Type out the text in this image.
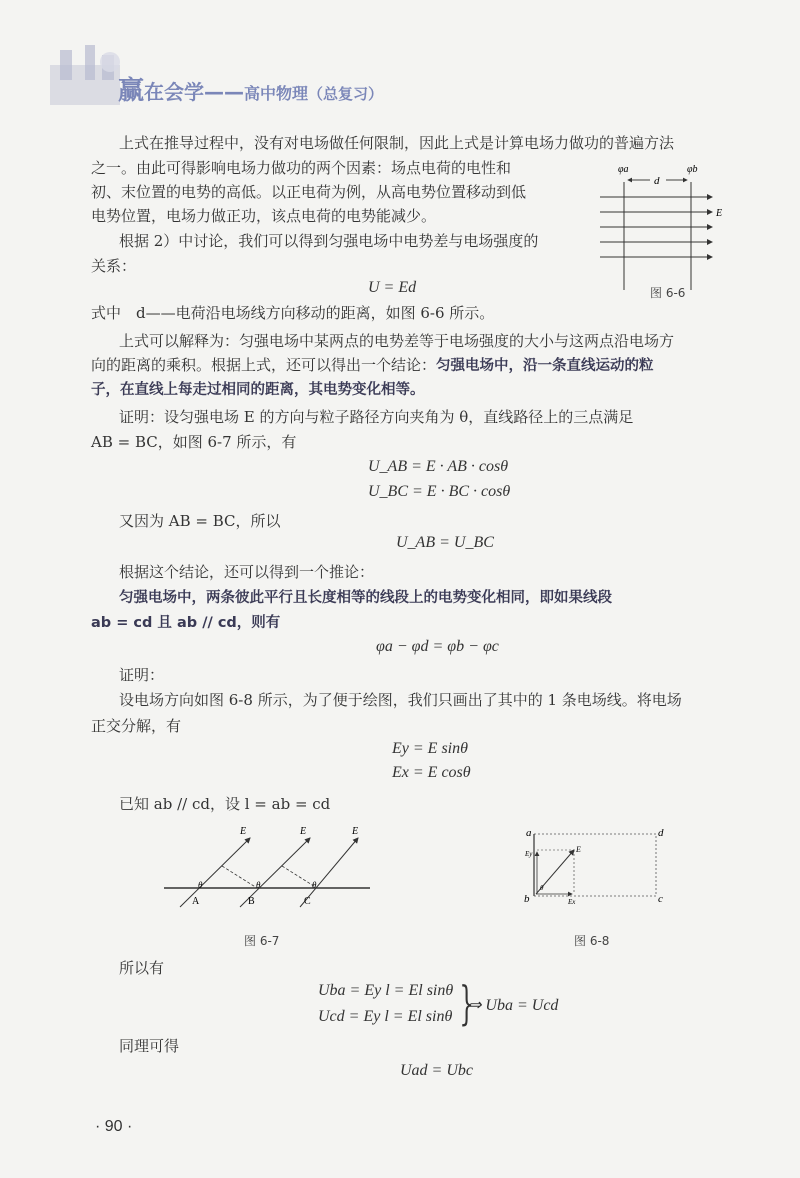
赢在会学——高中物理（总复习）
上式在推导过程中，没有对电场做任何限制，因此上式是计算电场力做功的普遍方法
之一。由此可得影响电场力做功的两个因素：场点电荷的电性和
初、末位置的电势的高低。以正电荷为例，从高电势位置移动到低
电势位置，电场力做正功，该点电荷的电势能减少。
根据 2）中讨论，我们可以得到匀强电场中电势差与电场强度的
关系：
U = Ed
式中　d——电荷沿电场线方向移动的距离，如图 6-6 所示。
上式可以解释为：匀强电场中某两点的电势差等于电场强度的大小与这两点沿电场方
向的距离的乘积。根据上式，还可以得出一个结论：匀强电场中，沿一条直线运动的粒
子，在直线上每走过相同的距离，其电势变化相等。
证明：设匀强电场 E 的方向与粒子路径方向夹角为 θ，直线路径上的三点满足
AB = BC，如图 6-7 所示，有
U_AB = E · AB · cosθ
U_BC = E · BC · cosθ
又因为 AB = BC，所以
U_AB = U_BC
根据这个结论，还可以得到一个推论：
匀强电场中，两条彼此平行且长度相等的线段上的电势变化相同，即如果线段
ab = cd 且 ab // cd，则有
φa − φd = φb − φc
证明：
设电场方向如图 6-8 所示，为了便于绘图，我们只画出了其中的 1 条电场线。将电场
正交分解，有
Ey = E sinθ
Ex = E cosθ
已知 ab // cd，设 l = ab = cd
φa	φb
d
E
图 6-6
E	E	E
θ	θ	θ
A	B	C
图 6-7
a	d
b	c
E
Ey
Ex
θ
图 6-8
所以有
Uba = Ey l = El sinθ
Ucd = Ey l = El sinθ }
⇒ Uba = Ucd
同理可得
Uad = Ubc
· 90 ·
